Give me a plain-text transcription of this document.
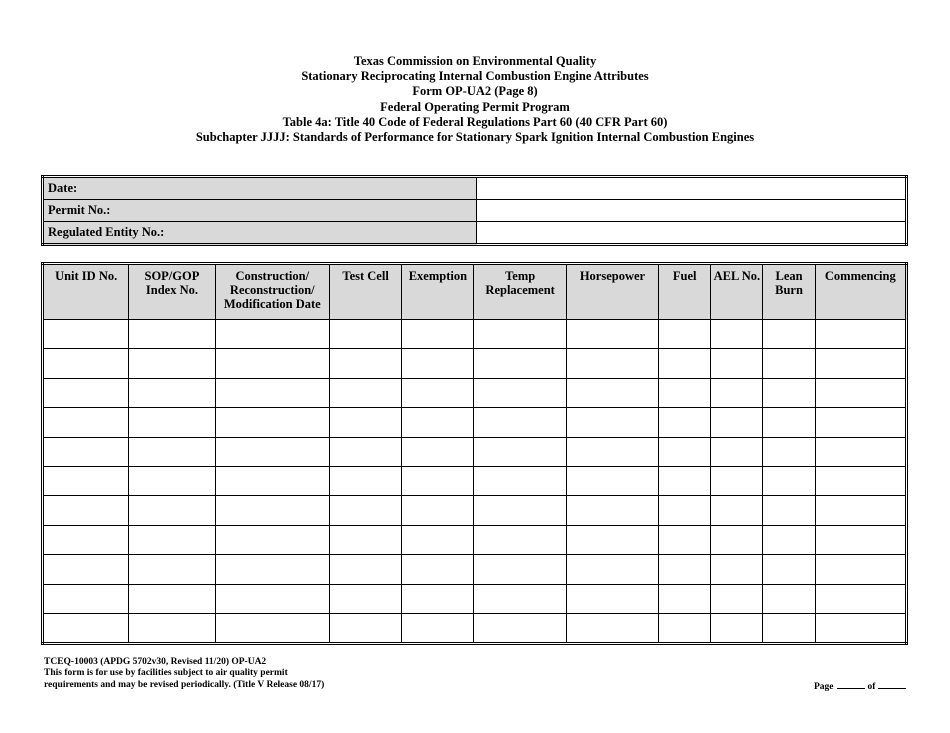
Texas Commission on Environmental Quality
Stationary Reciprocating Internal Combustion Engine Attributes
Form OP-UA2 (Page 8)
Federal Operating Permit Program
Table 4a: Title 40 Code of Federal Regulations Part 60 (40 CFR Part 60)
Subchapter JJJJ: Standards of Performance for Stationary Spark Ignition Internal Combustion Engines
Date:	
Permit No.:	
Regulated Entity No.:	
Unit ID No.	SOP/GOP Index No.	Construction/ Reconstruction/ Modification Date	Test Cell	Exemption	Temp Replacement	Horsepower	Fuel	AEL No.	Lean Burn	Commencing

TCEQ-10003 (APDG 5702v30, Revised 11/20) OP-UA2
This form is for use by facilities subject to air quality permit
requirements and may be revised periodically. (Title V Release 08/17)	Page	of
